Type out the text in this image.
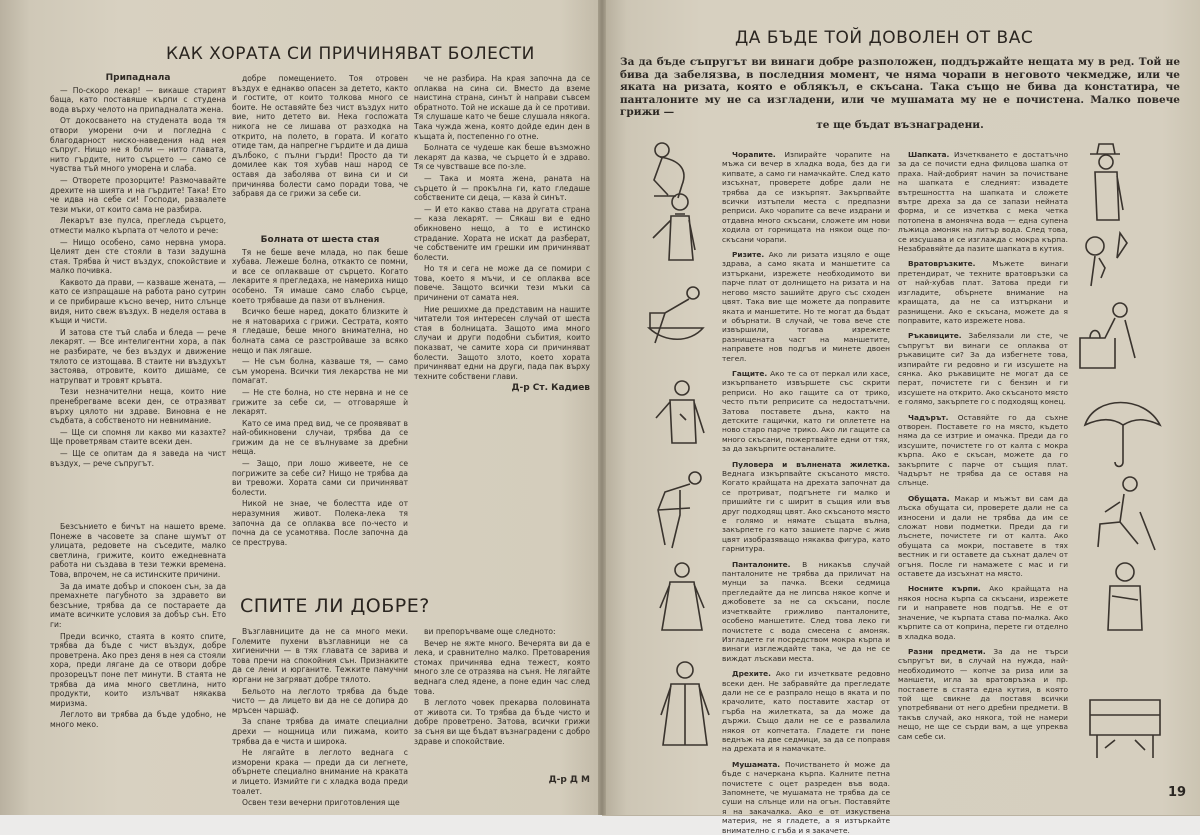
КАК ХОРАТА СИ ПРИЧИНЯВАТ БОЛЕСТИ

Припаднала

— По-скоро лекар! — викаше старият баща, като поставяше кърпи с студена вода върху челото на припадналата жена.

От докосването на студената вода тя отвори уморени очи и погледна с благодарност ниско-наведения над нея съпруг. Нищо не я боли — нито главата, нито гърдите, нито сърцето — само се чувства тъй много уморена и слаба.

— Отворете прозорците! Размочавайте дрехите на шията и на гърдите! Така! Ето че идва на себе си! Господи, развалете тези мъки, от които сама не разбира.

Лекарът взе пулса, прегледа сърцето, отмести малко кърпата от челото и рече:

— Нищо особено, само нервна умора. Целият ден сте стояли в тази задушна стая. Трябва ѝ чист въздух, спокойствие и малко почивка.

Каквото да прави, — казваше жената, — като се изпращаше на работа рано сутрин и се прибираше късно вечер, нито слънце видя, нито свеж въздух. В неделя остава в къщи и чисти.

И затова сте тъй слаба и бледа — рече лекарят. — Все интелигентни хора, а пак не разбирате, че без въздух и движение тялото се изтощава. В стаите ни въздухът застоява, отровите, които дишаме, се натрупват и тровят кръвта.

Тези незначителни неща, които ние пренебрегваме всеки ден, се отразяват върху цялото ни здраве. Виновна е не съдбата, а собственото ни невнимание.

— Ще си спомня ли какво ми казахте? Ще проветрявам стаите всеки ден.

— Ще се опитам да я заведа на чист въздух, — рече съпругът.

Безсънието е бичът на нашето време. Понеже в часовете за спане шумът от улицата, редовете на съседите, малко светлина, грижите, които ежедневната работа ни създава в тези тежки времена. Това, впрочем, не са истинските причини.

За да имате добър и спокоен сън, за да премахнете пагубното за здравето ви безсъние, трябва да се постараете да имате всичките условия за добър сън. Ето ги:

Преди всичко, стаята в която спите, трябва да бъде с чист въздух, добре проветрена. Ако през деня в нея са стояли хора, преди лягане да се отвори добре прозорецът поне пет минути. В стаята не трябва да има много светлина, нито продукти, които излъчват някаква миризма.

Леглото ви трябва да бъде удобно, не много меко.

добре помещението. Тоя отровен въздух е еднакво опасен за детето, както и гостите, от които толкова много се боите. Не оставяйте без чист въздух нито вие, нито детето ви. Нека госпожата никога не се лишава от разходка на открито, на полето, в гората. И когато отиде там, да напрегне гърдите и да диша дълбоко, с пълни гърди! Просто да ти домилее как тоя хубав наш народ се оставя да заболява от вина си и си причинява болести само поради това, че забравя да се грижи за себе си.

Болната от шеста стая

Тя не беше вече млада, но пак беше хубава. Лежеше болна, откакто се помни, и все се оплакваше от сърцето. Когато лекарите я прегледаха, не намериха нищо особено. Тя имаше само слабо сърце, което трябваше да пази от вълнения.

Всичко беше наред, докато близките ѝ не я натовариха с грижи. Сестрата, която я гледаше, беше много внимателна, но болната сама се разстройваше за всяко нещо и пак лягаше.

— Не съм болна, казваше тя, — само съм уморена. Всички тия лекарства не ми помагат.

— Не сте болна, но сте нервна и не се грижите за себе си, — отговаряше ѝ лекарят.

Като се има пред вид, че се проявяват в най-обикновени случаи, трябва да се грижим да не се вълнуваме за дребни неща.

— Защо, при лошо живеете, не се погрижите за себе си? Нищо не трябва да ви тревожи. Хората сами си причиняват болести.

Никой не знае, че болестта иде от неразумния живот. Полека-лека тя започна да се оплаква все по-често и почна да се усамотява. После започна да се преструва.

че не разбира. На края започна да се оплаква на сина си. Вместо да вземе наистина страна, синът ѝ направи съвсем обратното. Той не искаше да ѝ се противи. Тя слушаше като че беше слушала някога. Така чужда жена, която дойде един ден в къщата ѝ, постепенно го отне.

Болната се чудеше как беше възможно лекарят да казва, че сърцето ѝ е здраво. Тя се чувстваше все по-зле.

— Така и моята жена, раната на сърцето ѝ — прокълна ги, като гледаше собствените си деца, — каза ѝ синът.

— И ето какво става на другата страна — каза лекарят. — Сякаш ви е едно обикновено нещо, а то е истинско страдание. Хората не искат да разберат, че собствените им грешки им причиняват болести.

Но тя и сега не може да се помири с това, което я мъчи, и се оплаква все повече. Защото всички тези мъки са причинени от самата нея.

Ние решихме да представим на нашите читатели тоя интересен случай от шеста стая в болницата. Защото има много случаи и други подобни събития, които показват, че самите хора си причиняват болести. Защото злото, което хората причиняват едни на други, пада пак върху техните собствени глави.

Д-р Ст. Кадиев
СПИТЕ ЛИ ДОБРЕ?

Възглавниците да не са много меки. Големите пухени възглавници не са хигиенични — в тях главата се зарива и това пречи на спокойния сън. Признаките да се лени и юрганите. Тежките памучни юргани не загряват добре тялото.

Бельото на леглото трябва да бъде чисто — да лицето ви да не се допира до мръсен чаршаф.

За спане трябва да имате специални дрехи — нощница или пижама, които трябва да е чиста и широка.

Не лягайте в леглото веднага с изморени крака — преди да си легнете, обърнете специално внимание на краката и лицето. Измийте ги с хладка вода преди тоалет.

Освен тези вечерни приготовления ще

ви препоръчваме още следното:

Вечер не яжте много. Вечерята ви да е лека, и сравнително малко. Претоварения стомах причинява една тежест, която много зле се отразява на съня. Не лягайте веднага след ядене, а поне един час след това.

В леглото човек прекарва половината от живота си. То трябва да бъде чисто и добре проветрено. Затова, всички грижи за съня ви ще бъдат възнаградени с добро здраве и спокойствие.

Д-р Д М
ДА БЪДЕ ТОЙ ДОВОЛЕН ОТ ВАС
За да бъде съпругът ви винаги добре разположен, поддържайте нещата му в ред. Той не бива да забелязва, в последния момент, че няма чорапи в неговото чекмедже, или че яката на ризата, която е облякъл, е скъсана. Така също не бива да констатира, че панталоните му не са изгладени, или че мушамата му не е почистена. Малко повече грижи —
те ще бъдат възнаградени.

Чорапите. Изпирайте чорапите на мъжа си вечер в хладка вода, без да ги кипвате, а само ги намачкайте. След като изсъхнат, проверете добре дали не трябва да се изкърпят. Закърпвайте всички изтъпели места с предпазни реприси. Ако чорапите са вече издрани и отдавна много скъсани, сложете им нови ходила от горнищата на някои още по-скъсани чорапи.

Ризите. Ако ли ризата изцяло е още здрава, а само яката и маншетите са изтъркани, изрежете необходимото ви парче плат от долнището на ризата и на негово място зашийте друго със сходен цвят. Така вие ще можете да поправите яката и маншетите. Но те могат да бъдат и обърнати. В случай, че това вече сте извършили, тогава изрежете разнищената част на маншетите, направете нов подгъв и минете двоен тегел.

Гащите. Ако те са от перкал или хасе, изкърпването извършете със скрити реприси. Но ако гащите са от трико, често пъти реприсите са недостатъчни. Затова поставете дъна, както на детските гащички, като ги оплетете на ново старо парче трико. Ако ли гащите са много скъсани, пожертвайте едни от тях, за да закърпите останалите.

Пуловера и вълнената жилетка. Веднага изкърпвайте скъсаното място. Когато крайщата на дрехата започнат да се протриват, подгънете ги малко и пришийте ги с ширит в същия или във друг подходящ цвят. Ако скъсаното място е голямо и нямате същата вълна, закърпете го като зашиете парче с жив цвят изобразяващо някаква фигура, като гарнитура.

Панталоните. В никакъв случай панталоните не трябва да приличат на мунци за пачка. Всеки седмица прегледайте да не липсва някое копче и джобовете за не са скъсани, после изчетквайте грижливо панталоните, особено маншетите. След това леко ги почистете с вода смесена с амоняк. Изгладете ги посредством мокра кърпа и винаги изглеждайте така, че да не се виждат лъскави места.

Дрехите. Ако ги изчетквате редовно всеки ден. Не забравяйте да прегледате дали не се е разпрало нещо в яката и по крачолите, като поставите хастар от гърба на жилетката, за да може да държи. Също дали не се е развалила някоя от копчетата. Гладете ги поне веднъж на две седмици, за да се поправя на дрехата и я намачкате.

Мушамата. Почистването ѝ може да бъде с начеркана кърпа. Калните петна почистете с оцет разреден във вода. Запомнете, че мушамата не трябва да се суши на слънце или на огън. Поставяйте я на закачалка. Ако е от изкуствена материя, не я гладете, а я изтъркайте внимателно с гъба и я закачете.

Шапката. Изчеткването е достатъчно за да се почисти една филцова шапка от праха. Най-добрият начин за почистване на шапката е следният: извадете вътрешността на шапката и сложете вътре дреха за да се запази нейната форма, и се изчетква с мека четка потопена в амонячна вода — една супена лъжица амоняк на литър вода. След това, се изсушава и се изглажда с мокра кърпа. Незабравяйте да пазите шапката в кутия.

Вратовръзките. Мъжете винаги претендират, че техните вратовръзки са от най-хубав плат. Затова преди ги изгладите, обърнете внимание на краищата, да не са изтъркани и разнищени. Ако е скъсана, можете да я поправите, като изрежете нова.

Ръкавиците. Забелязали ли сте, че съпругът ви винаги се оплаква от ръкавиците си? За да избегнете това, изпирайте ги редовно и ги изсушете на сянка. Ако ръкавиците не могат да се перат, почистете ги с бензин и ги изсушете на открито. Ако скъсаното място е голямо, закърпете го с подходящ конец.

Чадърът. Оставяйте го да съхне отворен. Поставете го на място, където няма да се изтрие и омачка. Преди да го изсушите, почистете го от калта с мокра кърпа. Ако е скъсан, можете да го закърпите с парче от същия плат. Чадърът не трябва да се оставя на слънце.

Обущата. Макар и мъжът ви сам да лъска обущата си, проверете дали не са износени и дали не трябва да им се сложат нови подметки. Преди да ги лъснете, почистете ги от калта. Ако обущата са мокри, поставете в тях вестник и ги оставете да съхнат далеч от огъня. После ги намажете с мас и ги оставете да изсъхнат на място.

Носните кърпи. Ако крайщата на някоя носна кърпа са скъсани, изрежете ги и направете нов подгъв. Не е от значение, че кърпата става по-малка. Ако кърпите са от коприна, перете ги отделно в хладка вода.

Разни предмети. За да не търси съпругът ви, в случай на нужда, най-необходимото — копче за риза или за маншети, игла за вратовръзка и пр. поставете в стаята една кутия, в която той ще свикне да поставя всички употребявани от него дребни предмети. В такъв случай, ако някога, той не намери нещо, не ще се сърди вам, а ще упреква сам себе си.

19
